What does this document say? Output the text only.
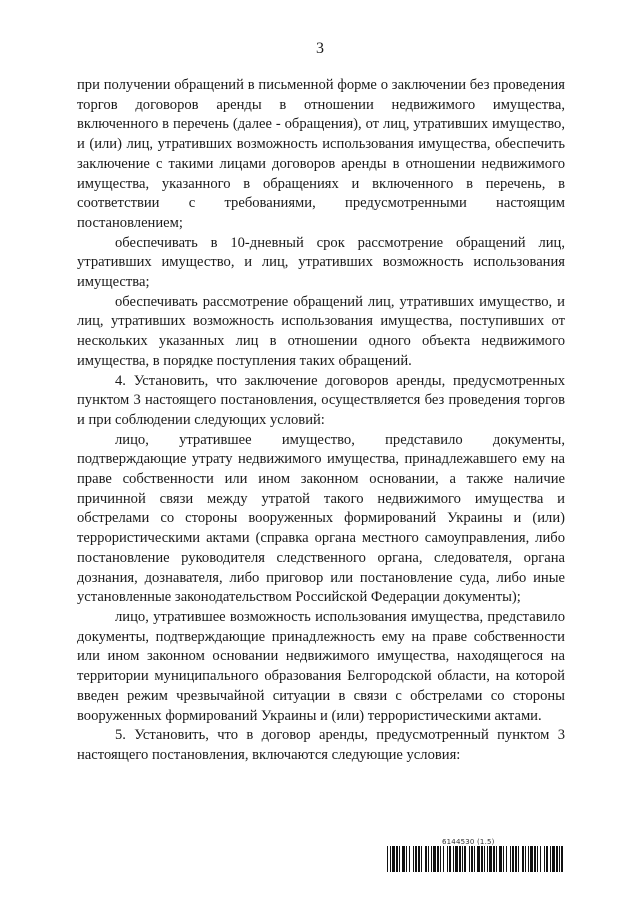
3

при получении обращений в письменной форме о заключении без проведения торгов договоров аренды в отношении недвижимого имущества, включенного в перечень (далее - обращения), от лиц, утративших имущество, и (или) лиц, утративших возможность использования имущества, обеспечить заключение с такими лицами договоров аренды в отношении недвижимого имущества, указанного в обращениях и включенного в перечень, в соответствии с требованиями, предусмотренными настоящим постановлением;

обеспечивать в 10-дневный срок рассмотрение обращений лиц, утративших имущество, и лиц, утративших возможность использования имущества;

обеспечивать рассмотрение обращений лиц, утративших имущество, и лиц, утративших возможность использования имущества, поступивших от нескольких указанных лиц в отношении одного объекта недвижимого имущества, в порядке поступления таких обращений.

4. Установить, что заключение договоров аренды, предусмотренных пунктом 3 настоящего постановления, осуществляется без проведения торгов и при соблюдении следующих условий:

лицо, утратившее имущество, представило документы, подтверждающие утрату недвижимого имущества, принадлежавшего ему на праве собственности или ином законном основании, а также наличие причинной связи между утратой такого недвижимого имущества и обстрелами со стороны вооруженных формирований Украины и (или) террористическими актами (справка органа местного самоуправления, либо постановление руководителя следственного органа, следователя, органа дознания, дознавателя, либо приговор или постановление суда, либо иные установленные законодательством Российской Федерации документы);

лицо, утратившее возможность использования имущества, представило документы, подтверждающие принадлежность ему на праве собственности или ином законном основании недвижимого имущества, находящегося на территории муниципального образования Белгородской области, на которой введен режим чрезвычайной ситуации в связи с обстрелами со стороны вооруженных формирований Украины и (или) террористическими актами.

5. Установить, что в договор аренды, предусмотренный пунктом 3 настоящего постановления, включаются следующие условия:

6144530 (1.5)
